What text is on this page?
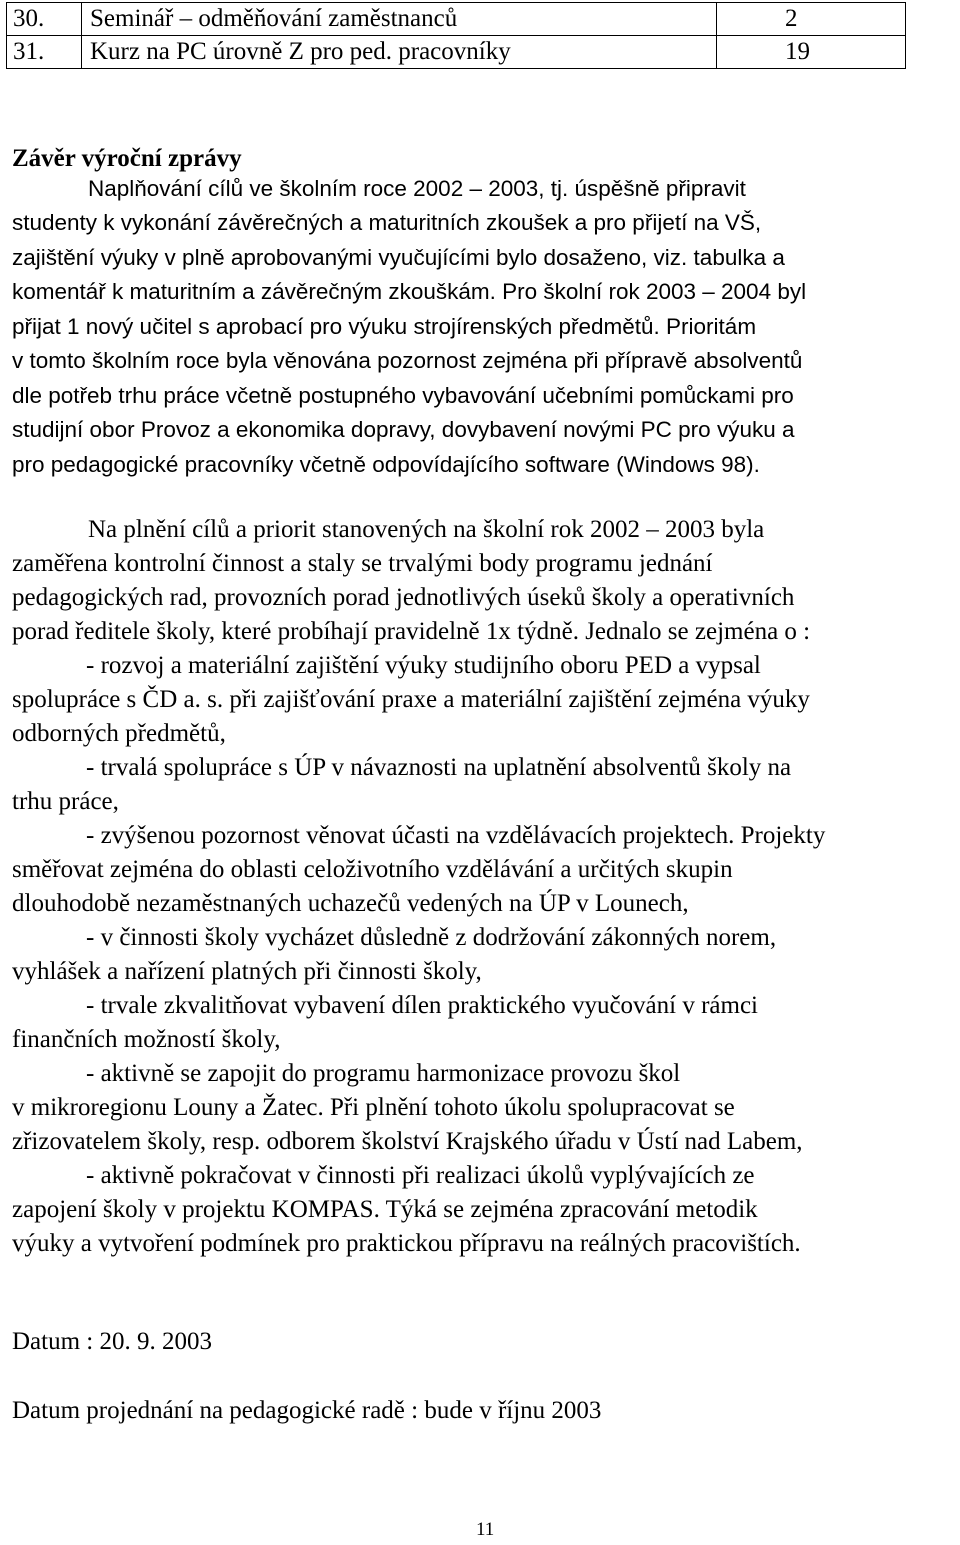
30.	Seminář – odměňování zaměstnanců	2
31.	Kurz na PC úrovně Z pro ped. pracovníky	19
Závěr výroční zprávy
Naplňování cílů ve školním roce 2002 – 2003, tj. úspěšně připravit
studenty k vykonání závěrečných a maturitních zkoušek a pro přijetí na VŠ,
zajištění výuky v plně aprobovanými vyučujícími bylo dosaženo, viz. tabulka a
komentář k maturitním a závěrečným zkouškám. Pro školní rok 2003 – 2004 byl
přijat 1 nový učitel s aprobací pro výuku strojírenských předmětů. Prioritám
v tomto školním roce byla věnována pozornost zejména při přípravě absolventů
dle potřeb trhu práce včetně postupného vybavování učebními pomůckami pro
studijní obor Provoz a ekonomika dopravy, dovybavení novými PC pro výuku a
pro pedagogické pracovníky včetně odpovídajícího software (Windows 98).
Na plnění cílů a priorit stanovených na školní rok 2002 – 2003 byla
zaměřena kontrolní činnost a staly se trvalými body programu jednání
pedagogických rad, provozních porad jednotlivých úseků školy a operativních
porad ředitele školy, které probíhají pravidelně 1x týdně. Jednalo se zejména o :
- rozvoj a materiální zajištění výuky studijního oboru PED a vypsal
spolupráce s ČD a. s. při zajišťování praxe a materiální zajištění zejména výuky
odborných předmětů,
- trvalá spolupráce s ÚP v návaznosti na uplatnění absolventů školy na
trhu práce,
- zvýšenou pozornost věnovat účasti na vzdělávacích projektech. Projekty
směřovat zejména do oblasti celoživotního vzdělávání a určitých skupin
dlouhodobě nezaměstnaných uchazečů vedených na ÚP v Lounech,
- v činnosti školy vycházet důsledně z dodržování zákonných norem,
vyhlášek a nařízení platných při činnosti školy,
- trvale zkvalitňovat vybavení dílen praktického vyučování v rámci
finančních možností školy,
- aktivně se zapojit do programu harmonizace provozu škol
v mikroregionu Louny a Žatec. Při plnění tohoto úkolu spolupracovat se
zřizovatelem školy, resp. odborem školství Krajského úřadu v Ústí nad Labem,
- aktivně pokračovat v činnosti při realizaci úkolů vyplývajících ze
zapojení školy v projektu KOMPAS. Týká se zejména zpracování metodik
výuky a vytvoření podmínek pro praktickou přípravu na reálných pracovištích.
Datum : 20. 9. 2003
Datum projednání na pedagogické radě : bude v říjnu 2003
11
